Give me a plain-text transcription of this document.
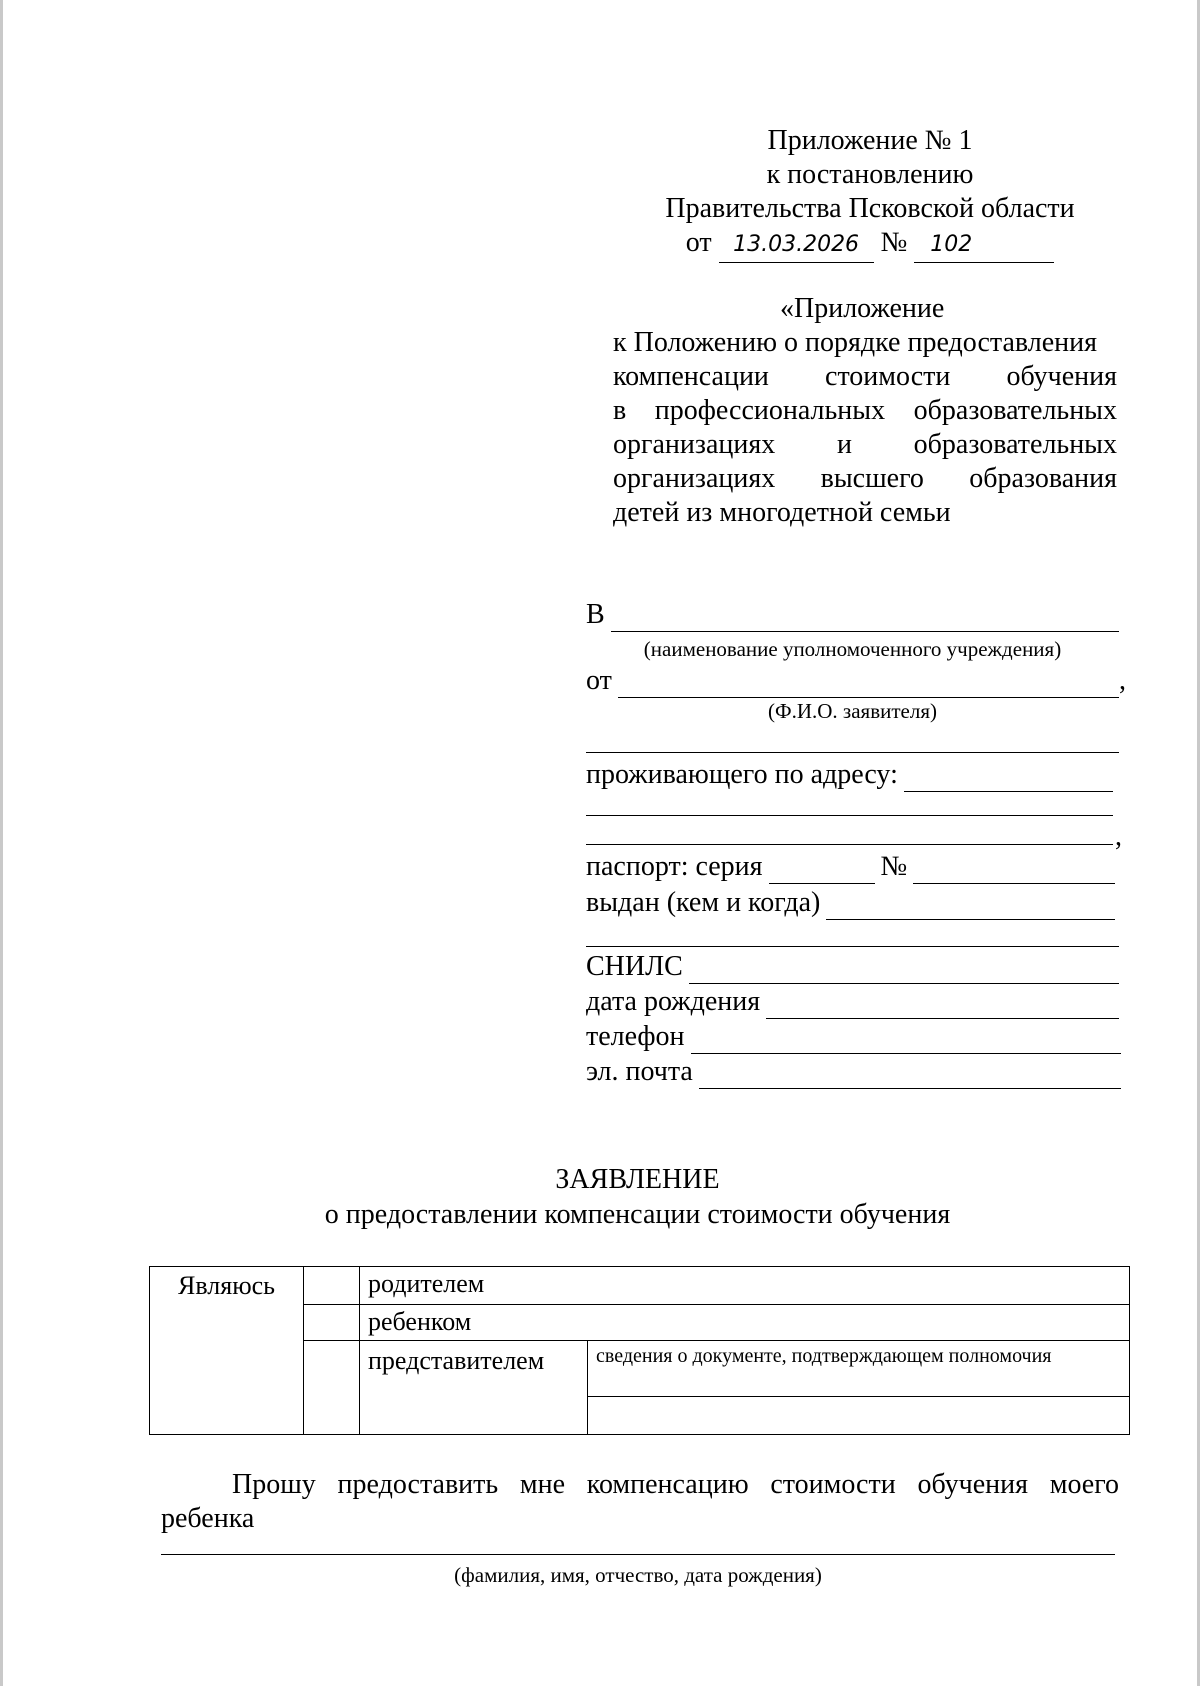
Приложение № 1
к постановлению
Правительства Псковской области
от 13.03.2026 № 102
«Приложение
к Положению о порядке предоставления
компенсации стоимости обучения
в профессиональных образовательных
организациях и образовательных
организациях высшего образования
детей из многодетной семьи
В
(наименование уполномоченного учреждения)
от	,
(Ф.И.О. заявителя)
проживающего по адресу:
,
паспорт: серия	№
выдан (кем и когда)
СНИЛС
дата рождения
телефон
эл. почта
ЗАЯВЛЕНИЕ
о предоставлении компенсации стоимости обучения
Являюсь		родителем	
		ребенком	
		представителем	сведения о документе, подтверждающем полномочия

Прошу предоставить мне компенсацию стоимости обучения моего ребенка
(фамилия, имя, отчество, дата рождения)
